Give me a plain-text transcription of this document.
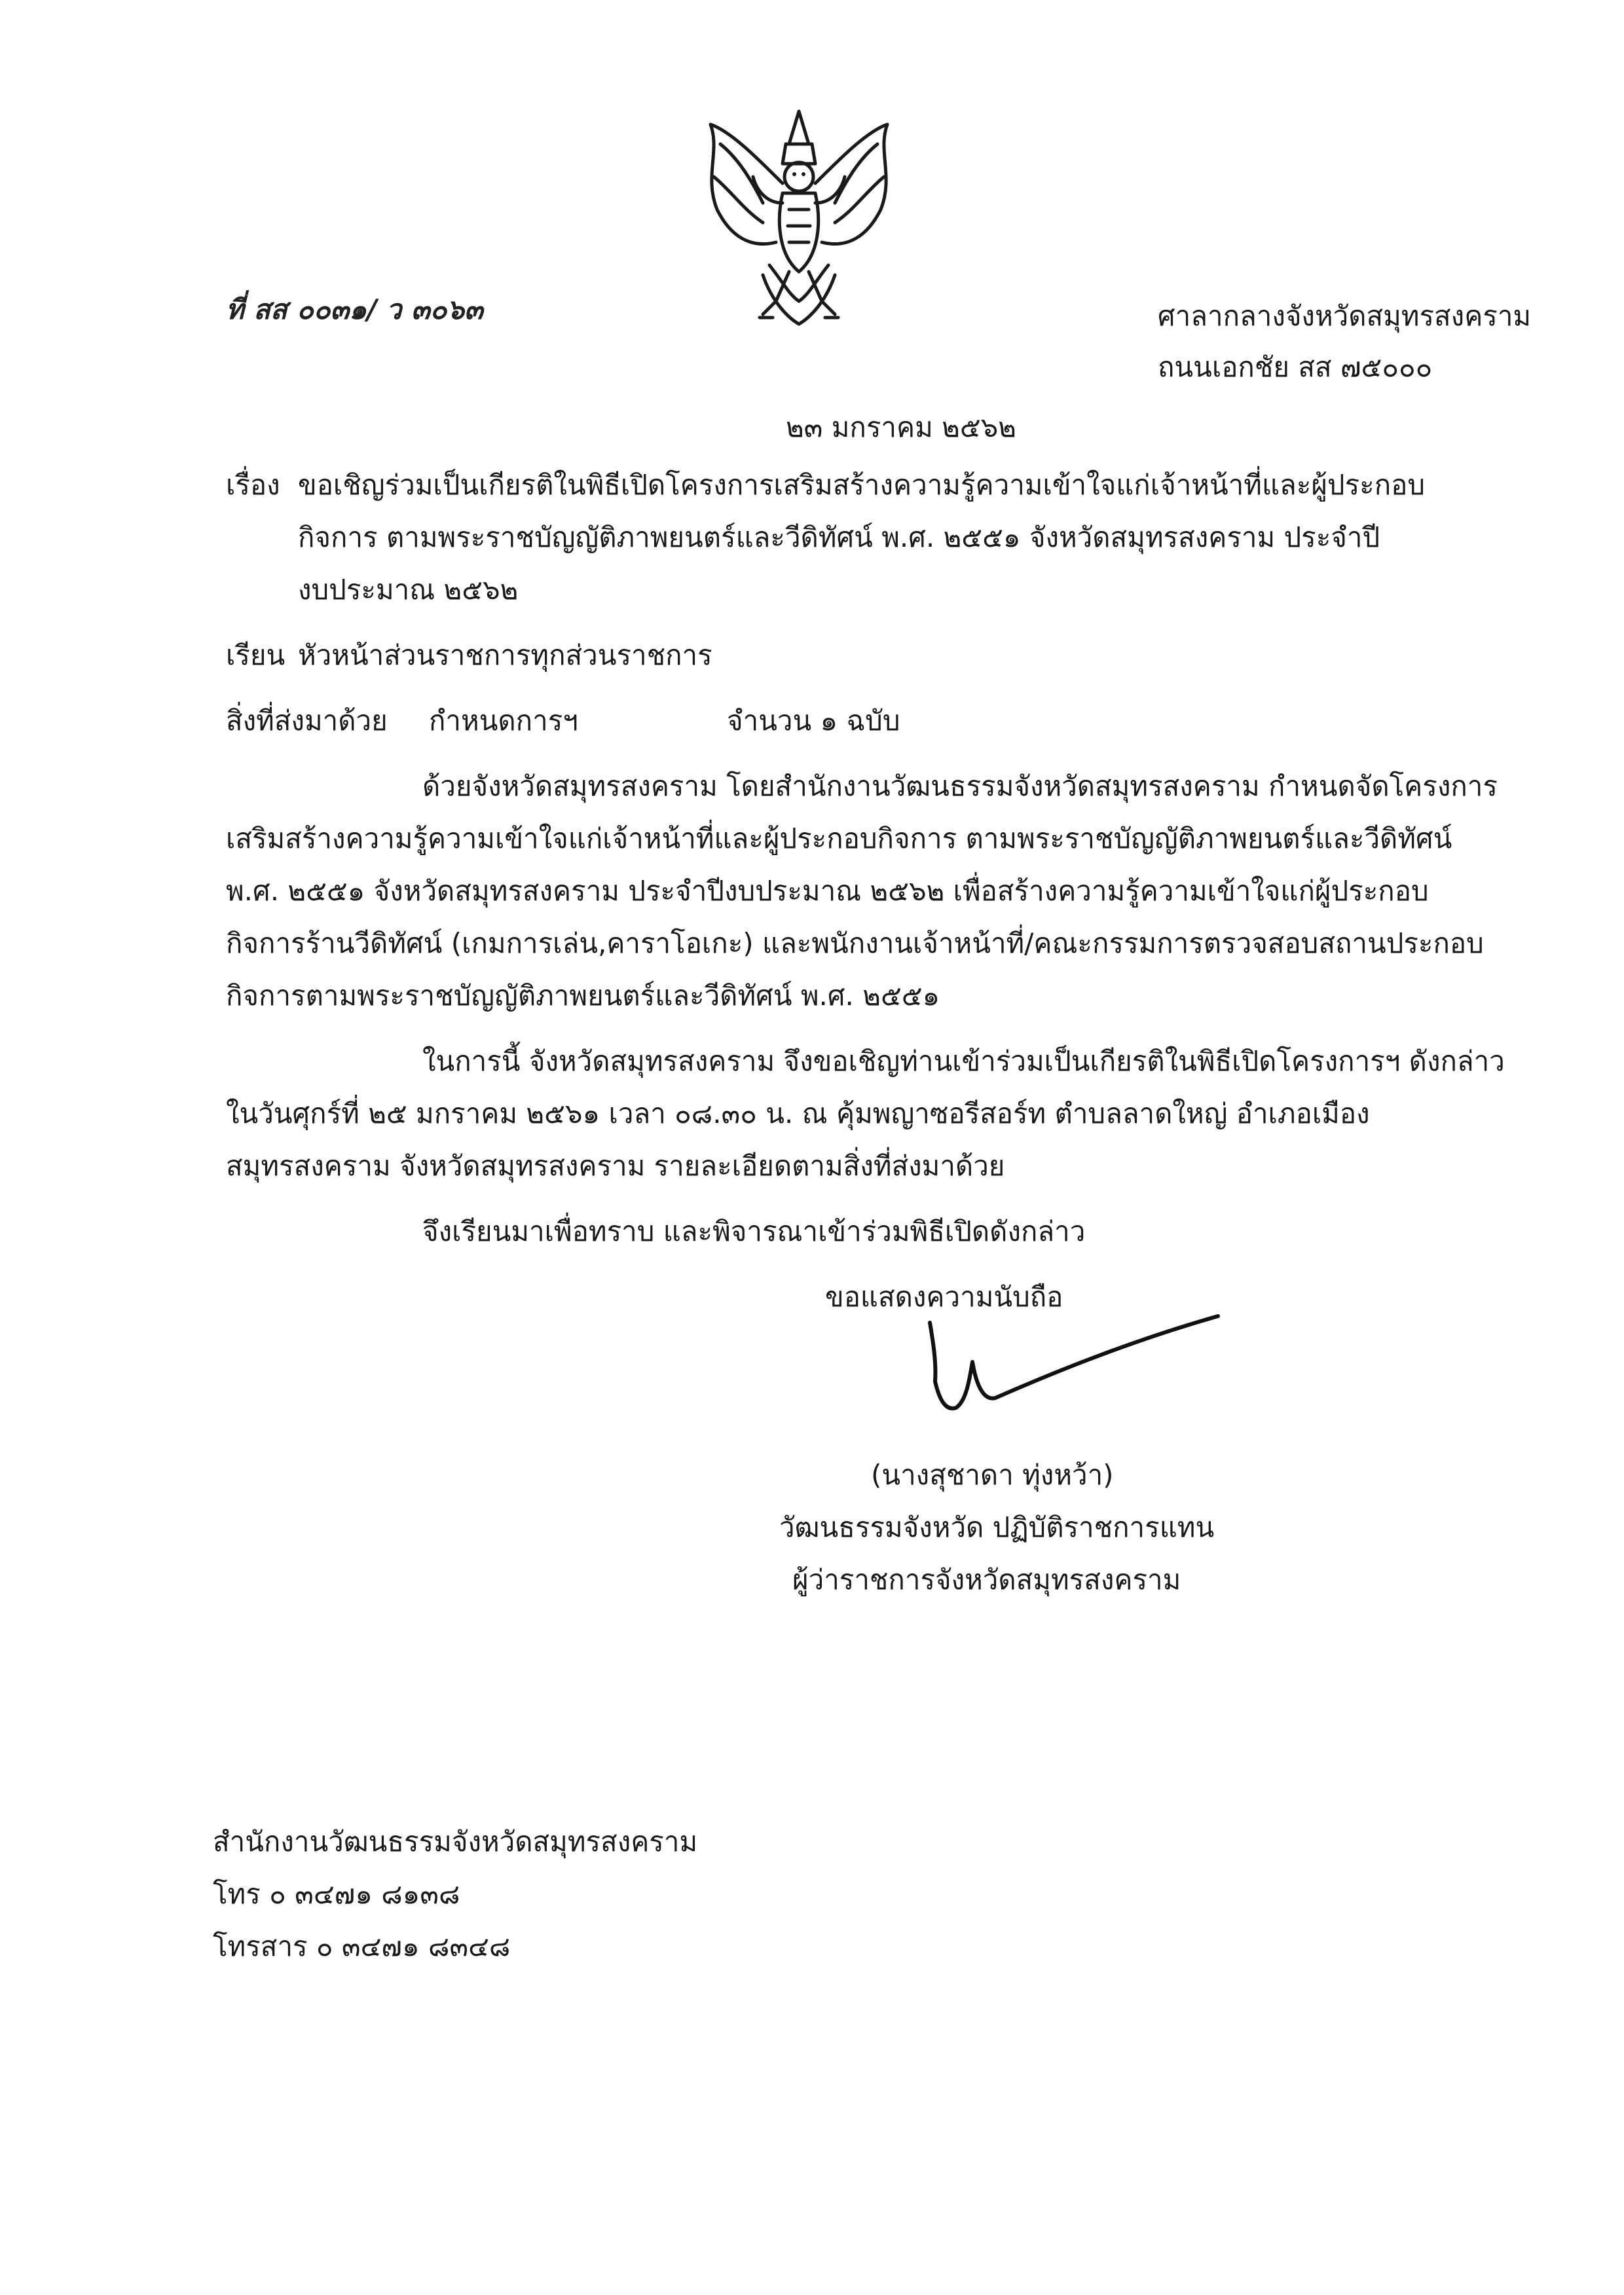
ที่ สส ๐๐๓๑/ ว ๓๐๖๓	ศาลากลางจังหวัดสมุทรสงคราม
ถนนเอกชัย สส ๗๕๐๐๐
๒๓ มกราคม ๒๕๖๒
เรื่อง ขอเชิญร่วมเป็นเกียรติในพิธีเปิดโครงการเสริมสร้างความรู้ความเข้าใจแก่เจ้าหน้าที่และผู้ประกอบ
กิจการ ตามพระราชบัญญัติภาพยนตร์และวีดิทัศน์ พ.ศ. ๒๕๕๑ จังหวัดสมุทรสงคราม ประจำปี
งบประมาณ ๒๕๖๒
เรียน หัวหน้าส่วนราชการทุกส่วนราชการ
สิ่งที่ส่งมาด้วย กำหนดการฯ	จำนวน ๑ ฉบับ
ด้วยจังหวัดสมุทรสงคราม โดยสำนักงานวัฒนธรรมจังหวัดสมุทรสงคราม กำหนดจัดโครงการ
เสริมสร้างความรู้ความเข้าใจแก่เจ้าหน้าที่และผู้ประกอบกิจการ ตามพระราชบัญญัติภาพยนตร์และวีดิทัศน์
พ.ศ. ๒๕๕๑ จังหวัดสมุทรสงคราม ประจำปีงบประมาณ ๒๕๖๒ เพื่อสร้างความรู้ความเข้าใจแก่ผู้ประกอบ
กิจการร้านวีดิทัศน์ (เกมการเล่น,คาราโอเกะ) และพนักงานเจ้าหน้าที่/คณะกรรมการตรวจสอบสถานประกอบ
กิจการตามพระราชบัญญัติภาพยนตร์และวีดิทัศน์ พ.ศ. ๒๕๕๑
ในการนี้ จังหวัดสมุทรสงคราม จึงขอเชิญท่านเข้าร่วมเป็นเกียรติในพิธีเปิดโครงการฯ ดังกล่าว
ในวันศุกร์ที่ ๒๕ มกราคม ๒๕๖๑ เวลา ๐๘.๓๐ น. ณ คุ้มพญาซอรีสอร์ท ตำบลลาดใหญ่ อำเภอเมือง
สมุทรสงคราม จังหวัดสมุทรสงคราม รายละเอียดตามสิ่งที่ส่งมาด้วย
จึงเรียนมาเพื่อทราบ และพิจารณาเข้าร่วมพิธีเปิดดังกล่าว
ขอแสดงความนับถือ
(นางสุชาดา ทุ่งหว้า)
วัฒนธรรมจังหวัด ปฏิบัติราชการแทน
ผู้ว่าราชการจังหวัดสมุทรสงคราม
สำนักงานวัฒนธรรมจังหวัดสมุทรสงคราม
โทร ๐ ๓๔๗๑ ๘๑๓๘
โทรสาร ๐ ๓๔๗๑ ๘๓๔๘
